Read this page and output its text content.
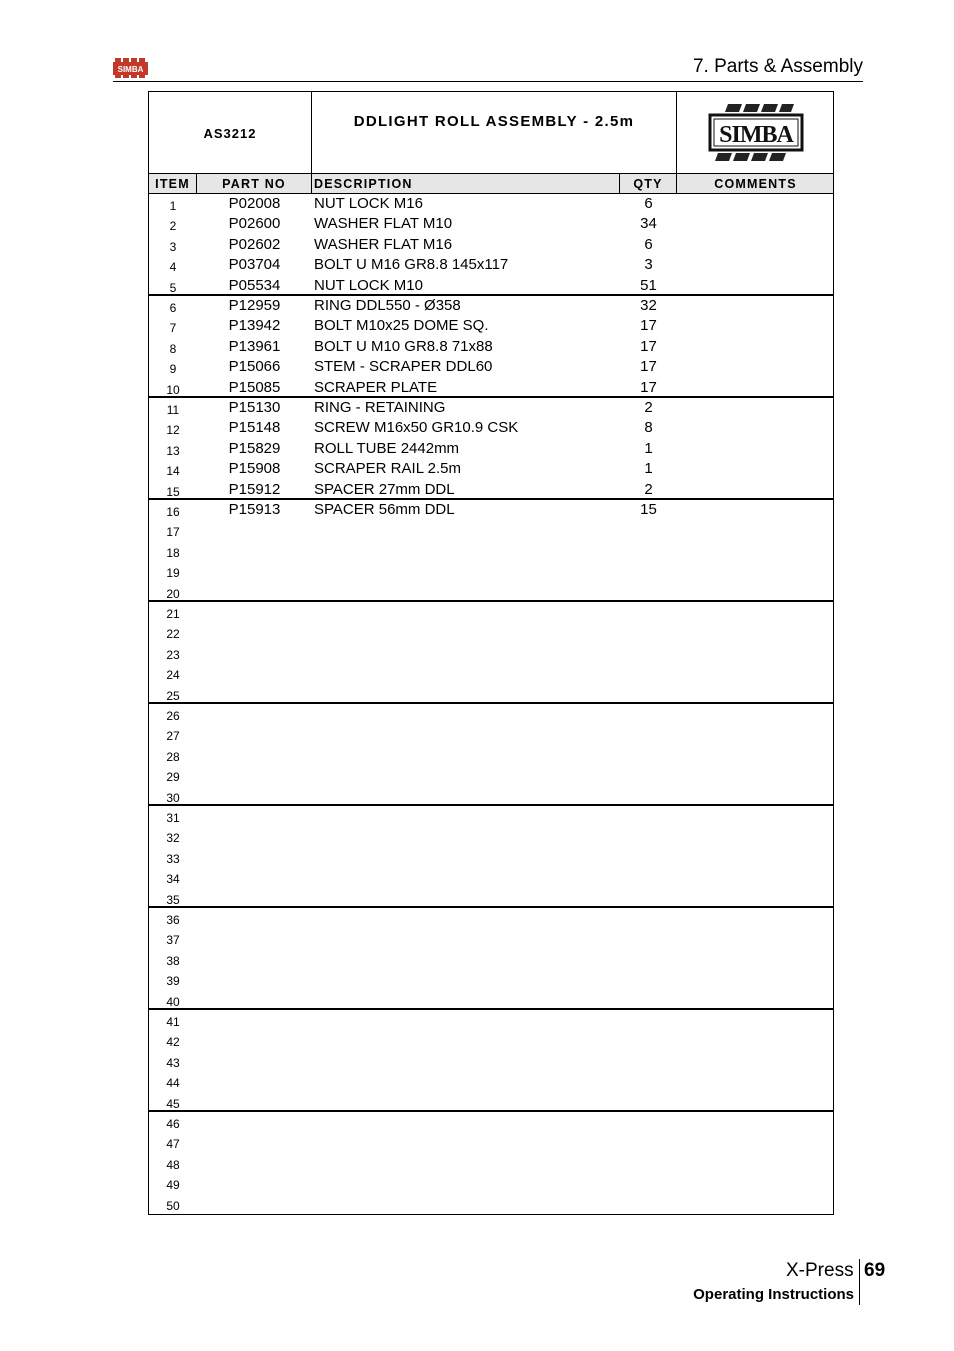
SIMBA	7. Parts & Assembly
AS3212
DDLIGHT ROLL ASSEMBLY - 2.5m
SIMBA
ITEM	PART NO	DESCRIPTION	QTY	COMMENTS
1	P02008	NUT LOCK M16	6
2	P02600	WASHER FLAT M10	34
3	P02602	WASHER FLAT M16	6
4	P03704	BOLT U M16 GR8.8 145x117	3
5	P05534	NUT LOCK M10	51
6	P12959	RING DDL550 - Ø358	32
7	P13942	BOLT M10x25 DOME SQ.	17
8	P13961	BOLT U M10 GR8.8 71x88	17
9	P15066	STEM - SCRAPER DDL60	17
10	P15085	SCRAPER PLATE	17
11	P15130	RING - RETAINING	2
12	P15148	SCREW M16x50 GR10.9 CSK	8
13	P15829	ROLL TUBE 2442mm	1
14	P15908	SCRAPER RAIL 2.5m	1
15	P15912	SPACER 27mm DDL	2
16	P15913	SPACER 56mm DDL	15
17
18
19
20
21
22
23
24
25
26
27
28
29
30
31
32
33
34
35
36
37
38
39
40
41
42
43
44
45
46
47
48
49
50
X-Press 69
Operating Instructions
